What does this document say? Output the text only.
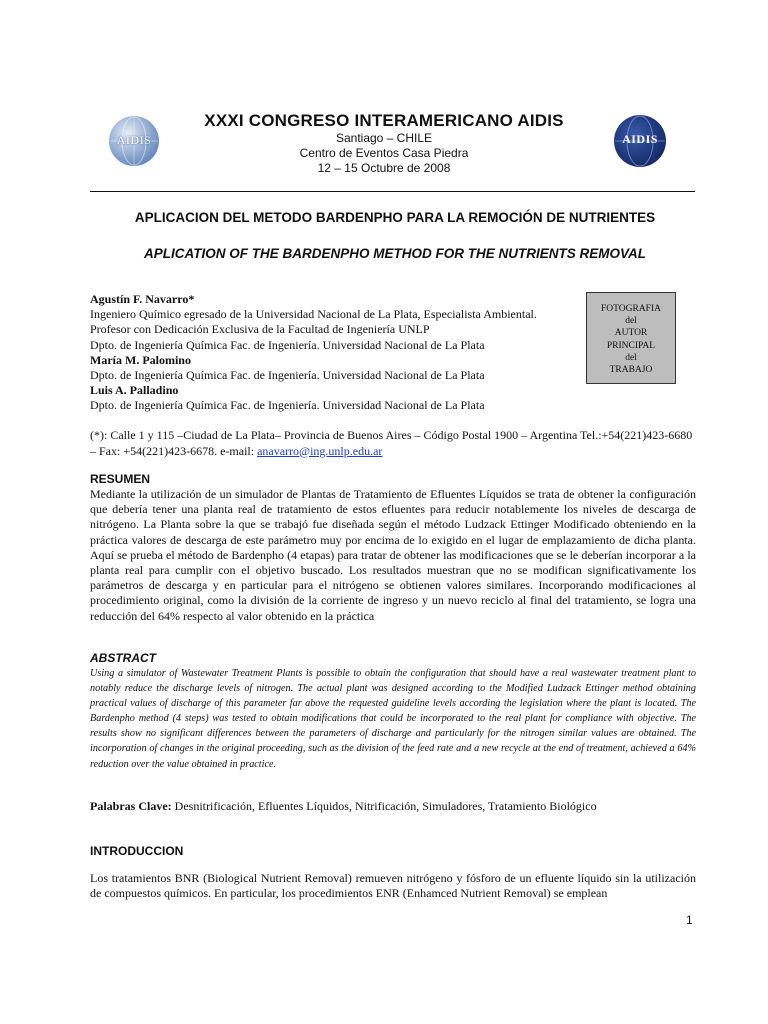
AIDIS	AIDIS
XXXI CONGRESO INTERAMERICANO AIDIS
Santiago – CHILE
Centro de Eventos Casa Piedra
12 – 15 Octubre de 2008
APLICACION DEL METODO BARDENPHO PARA LA REMOCIÓN DE NUTRIENTES
APLICATION OF THE BARDENPHO METHOD FOR THE NUTRIENTS REMOVAL
Agustín F. Navarro*
Ingeniero Químico egresado de la Universidad Nacional de La Plata, Especialista Ambiental.
Profesor con Dedicación Exclusiva de la Facultad de Ingeniería UNLP
Dpto. de Ingeniería Química Fac. de Ingeniería. Universidad Nacional de La Plata
María M. Palomino
Dpto. de Ingeniería Química Fac. de Ingeniería. Universidad Nacional de La Plata
Luis A. Palladino
Dpto. de Ingeniería Química Fac. de Ingeniería. Universidad Nacional de La Plata
FOTOGRAFIA
del
AUTOR
PRINCIPAL
del
TRABAJO
(*): Calle 1 y 115 –Ciudad de La Plata– Provincia de Buenos Aires – Código Postal 1900 – Argentina Tel.:+54(221)423-6680 – Fax: +54(221)423-6678. e-mail: anavarro@ing.unlp.edu.ar
RESUMEN
Mediante la utilización de un simulador de Plantas de Tratamiento de Efluentes Líquidos se trata de obtener la configuración que debería tener una planta real de tratamiento de estos efluentes para reducir notablemente los niveles de descarga de nitrógeno. La Planta sobre la que se trabajó fue diseñada según el método Ludzack Ettinger Modificado obteniendo en la práctica valores de descarga de este parámetro muy por encima de lo exigido en el lugar de emplazamiento de dicha planta. Aquí se prueba el método de Bardenpho (4 etapas) para tratar de obtener las modificaciones que se le deberían incorporar a la planta real para cumplir con el objetivo buscado. Los resultados muestran que no se modifican significativamente los parámetros de descarga y en particular para el nitrógeno se obtienen valores similares. Incorporando modificaciones al procedimiento original, como la división de la corriente de ingreso y un nuevo reciclo al final del tratamiento, se logra una reducción del 64% respecto al valor obtenido en la práctica
ABSTRACT
Using a simulator of Wastewater Treatment Plants is possible to obtain the configuration that should have a real wastewater treatment plant to notably reduce the discharge levels of nitrogen. The actual plant was designed according to the Modified Ludzack Ettinger method obtaining practical values of discharge of this parameter far above the requested guideline levels according the legislation where the plant is located. The Bardenpho method (4 steps) was tested to obtain modifications that could be incorporated to the real plant for compliance with objective. The results show no significant differences between the parameters of discharge and particularly for the nitrogen similar values are obtained. The incorporation of changes in the original proceeding, such as the division of the feed rate and a new recycle at the end of treatment, achieved a 64% reduction over the value obtained in practice.
Palabras Clave: Desnitrificación, Efluentes Líquidos, Nitrificación, Simuladores, Tratamiento Biológico
INTRODUCCION
Los tratamientos BNR (Biological Nutrient Removal) remueven nitrógeno y fósforo de un efluente líquido sin la utilización de compuestos químicos. En particular, los procedimientos ENR (Enhamced Nutrient Removal) se emplean
1
